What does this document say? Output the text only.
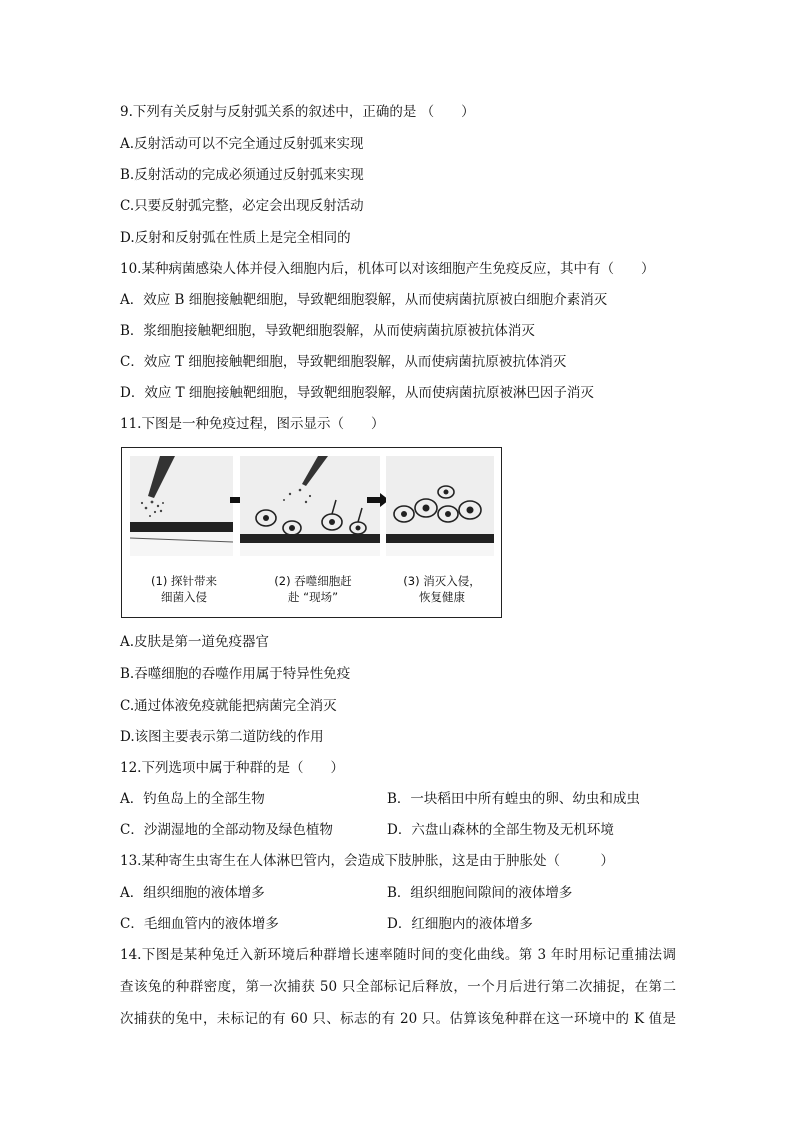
9.下列有关反射与反射弧关系的叙述中，正确的是 （　　）
A.反射活动可以不完全通过反射弧来实现
B.反射活动的完成必须通过反射弧来实现
C.只要反射弧完整，必定会出现反射活动
D.反射和反射弧在性质上是完全相同的
10.某种病菌感染人体并侵入细胞内后，机体可以对该细胞产生免疫反应，其中有（　　）
A．效应 B 细胞接触靶细胞，导致靶细胞裂解，从而使病菌抗原被白细胞介素消灭
B．浆细胞接触靶细胞，导致靶细胞裂解，从而使病菌抗原被抗体消灭
C．效应 T 细胞接触靶细胞，导致靶细胞裂解，从而使病菌抗原被抗体消灭
D．效应 T 细胞接触靶细胞，导致靶细胞裂解，从而使病菌抗原被淋巴因子消灭
11.下图是一种免疫过程，图示显示（　　）
(1) 探针带来
细菌入侵
(2) 吞噬细胞赶
赴 “现场”
(3) 消灭入侵，
恢复健康
A.皮肤是第一道免疫器官
B.吞噬细胞的吞噬作用属于特异性免疫
C.通过体液免疫就能把病菌完全消灭
D.该图主要表示第二道防线的作用
12.下列选项中属于种群的是（　　）
A．钓鱼岛上的全部生物	B．一块稻田中所有蝗虫的卵、幼虫和成虫
C．沙湖湿地的全部动物及绿色植物	D．六盘山森林的全部生物及无机环境
13.某种寄生虫寄生在人体淋巴管内，会造成下肢肿胀，这是由于肿胀处（　　　）
A．组织细胞的液体增多	B．组织细胞间隙间的液体增多
C．毛细血管内的液体增多	D．红细胞内的液体增多
14.下图是某种兔迁入新环境后种群增长速率随时间的变化曲线。第 3 年时用标记重捕法调
查该兔的种群密度，第一次捕获 50 只全部标记后释放，一个月后进行第二次捕捉，在第二
次捕获的兔中，未标记的有 60 只、标志的有 20 只。估算该兔种群在这一环境中的 K 值是
